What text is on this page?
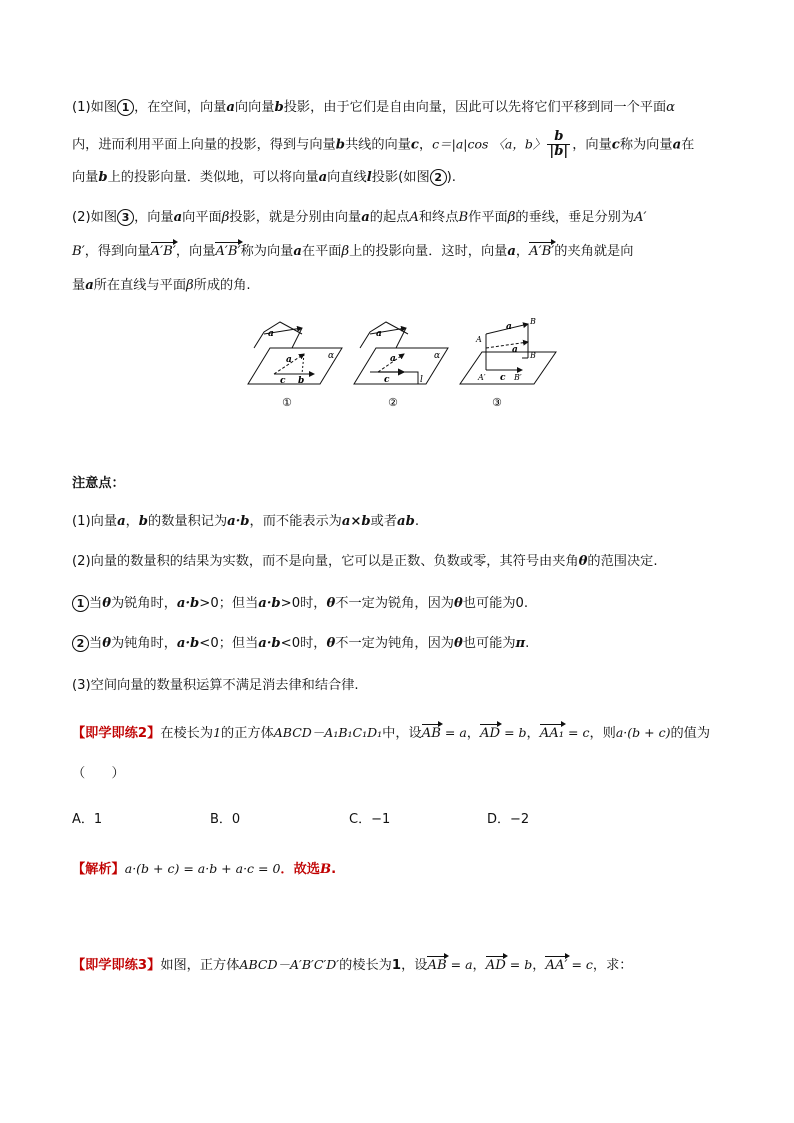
(1)如图 1 ，在空间，向量a向向量b投影，由于它们是自由向量，因此可以先将它们平移到同一个平面α
内，进而利用平面上向量的投影，得到与向量b共线的向量c，c＝|a|cos 〈a，b〉 $\frac{b}{|b|}$ ，向量c称为向量a在
向量b上的投影向量．类似地，可以将向量a向直线l投影(如图 2 ).
(2)如图 3 ，向量a向平面β投影，就是分别由向量a的起点A和终点B作平面β的垂线，垂足分别为A′
B′，得到向量A′B′，向量A′B′称为向量a在平面β上的投影向量．这时，向量a，A′B′的夹角就是向
量a所在直线与平面β所成的角.
a
a
c b
α
①
a
a
c	l
α
②
a
B
A
a
B
A′ c B′
③
注意点：
(1)向量a，b的数量积记为a·b，而不能表示为a×b或者ab.
(2)向量的数量积的结果为实数，而不是向量，它可以是正数、负数或零，其符号由夹角θ的范围决定.
1 当θ为锐角时，a·b>0；但当a·b>0时，θ不一定为锐角，因为θ也可能为0.
2 当θ为钝角时，a·b<0；但当a·b<0时，θ不一定为钝角，因为θ也可能为π.
(3)空间向量的数量积运算不满足消去律和结合律.
【即学即练2】在棱长为1的正方体ABCD－A₁B₁C₁D₁中，设AB = a，AD = b，AA₁ = c，则a·(b + c)的值为
（　　）
A．1	B．0	C．−1	D．−2
【解析】a·(b + c) = a·b + a·c = 0．故选B.
【即学即练3】如图，正方体ABCD－A′B′C′D′的棱长为1，设AB = a，AD = b，AA′ = c，求：
